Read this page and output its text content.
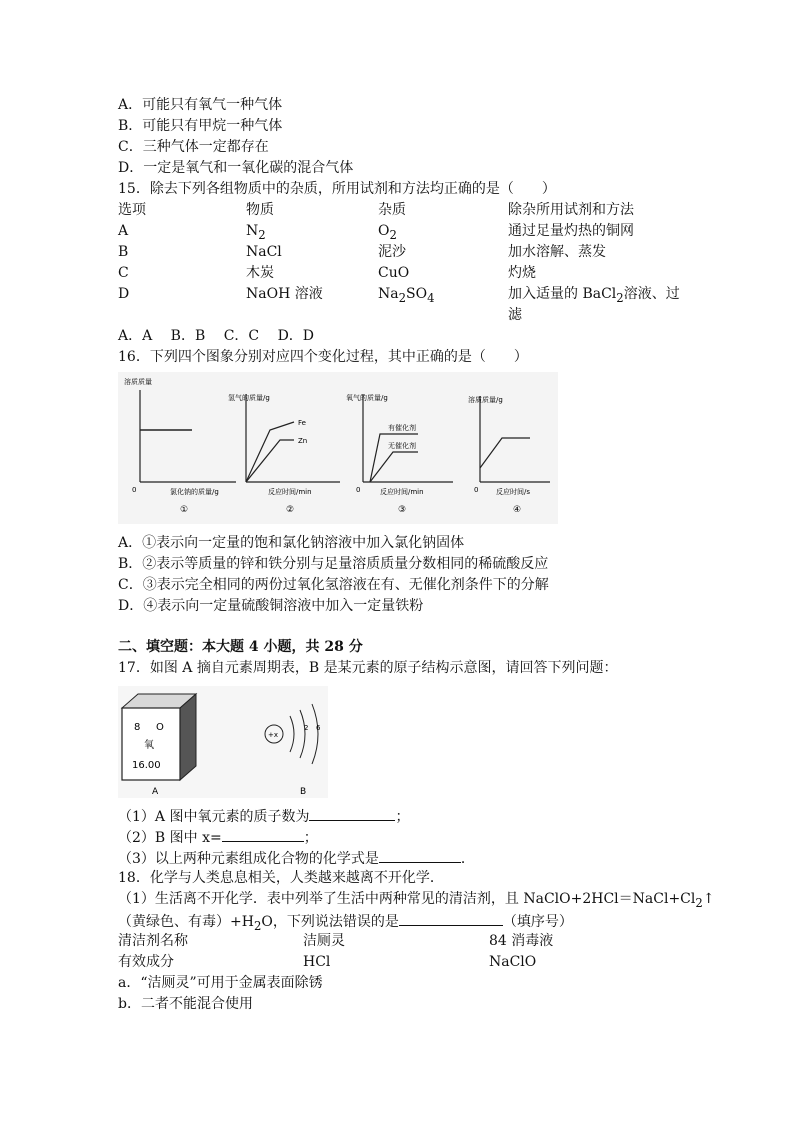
A．可能只有氧气一种气体
B．可能只有甲烷一种气体
C．三种气体一定都存在
D．一定是氧气和一氧化碳的混合气体
15．除去下列各组物质中的杂质，所用试剂和方法均正确的是（　　）
选项	物质	杂质	除杂所用试剂和方法
A	$N_2$	$O_2$	通过足量灼热的铜网
B	NaCl	泥沙	加水溶解、蒸发
C	木炭	CuO	灼烧
D	NaOH 溶液	$Na_2SO_4$	加入适量的 BaCl$_2$溶液、过
滤
A．A　 B．B　 C．C　 D．D
16．下列四个图象分别对应四个变化过程，其中正确的是（　　）
溶质质量
氯化钠的质量/g
0
①
氢气的质量/g
Fe
Zn
反应时间/min
②
氧气的质量/g
有催化剂
无催化剂
反应时间/min
0
③
溶质质量/g
反应时间/s
0
④
A．①表示向一定量的饱和氯化钠溶液中加入氯化钠固体
B．②表示等质量的锌和铁分别与足量溶质质量分数相同的稀硫酸反应
C．③表示完全相同的两份过氧化氢溶液在有、无催化剂条件下的分解
D．④表示向一定量硫酸铜溶液中加入一定量铁粉
二、填空题：本大题 4 小题，共 28 分
17．如图 A 摘自元素周期表，B 是某元素的原子结构示意图，请回答下列问题：
8 O
氧
16.00
A
+x
2 6
B
（1）A 图中氧元素的质子数为	；
（2）B 图中 x=	；
（3）以上两种元素组成化合物的化学式是	．
18．化学与人类息息相关，人类越来越离不开化学．
（1）生活离不开化学．表中列举了生活中两种常见的清洁剂，且 $NaClO+2HCl=NaCl+Cl_2↑$
（黄绿色、有毒）$+H_2O$，下列说法错误的是	（填序号）
清洁剂名称	洁厕灵	84 消毒液
有效成分	HCl	NaClO
a．“洁厕灵”可用于金属表面除锈
b．二者不能混合使用
